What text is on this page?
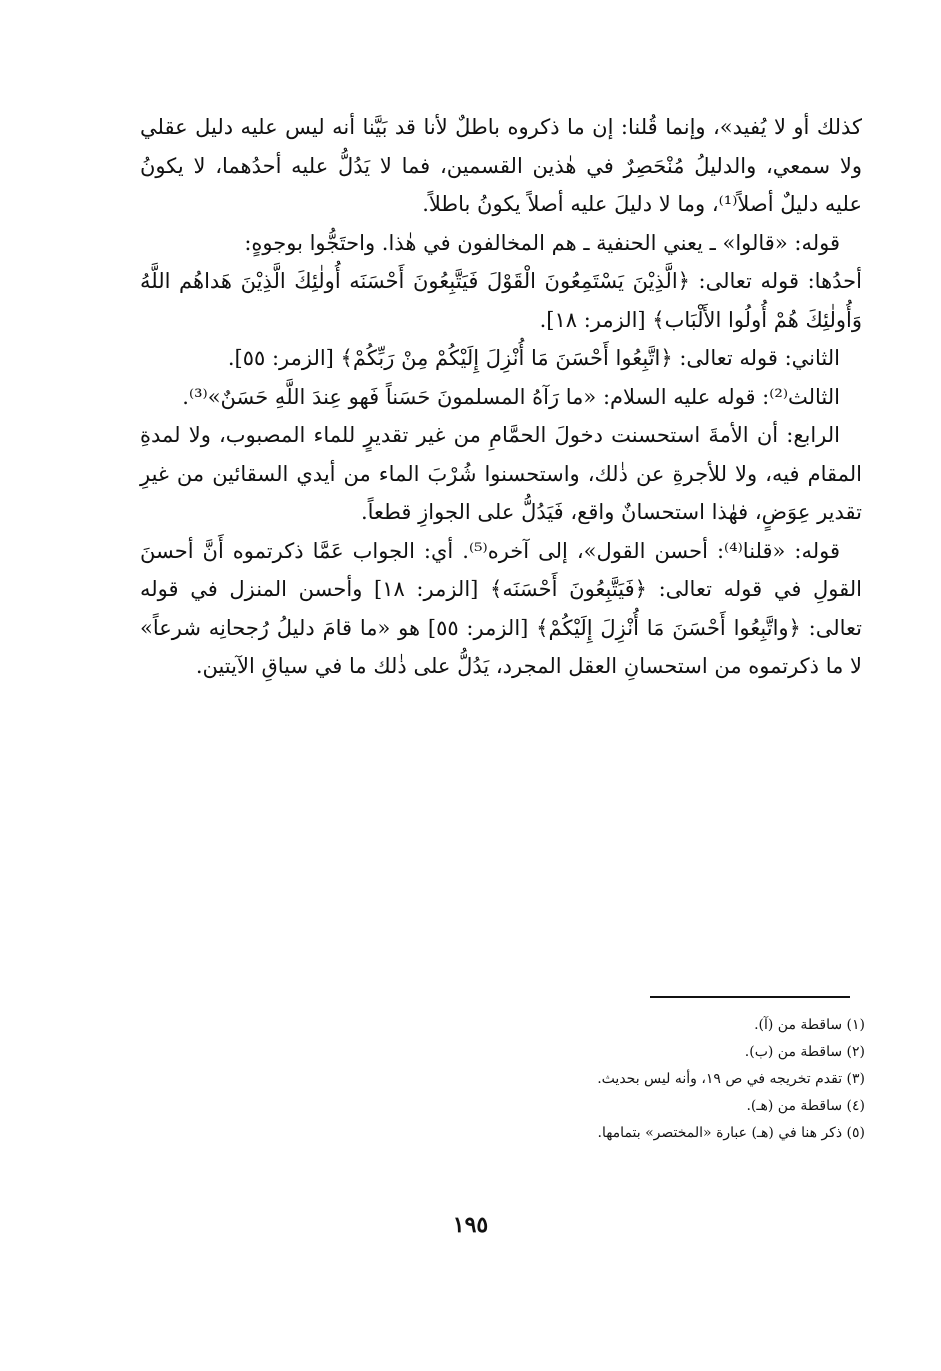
كذلك أو لا يُفيد»، وإنما قُلنا: إن ما ذكروه باطلٌ لأنا قد بَيَّنا أنه ليس عليه دليل عقلي ولا سمعي، والدليلُ مُنْحَصِرٌ في هٰذين القسمين، فما لا يَدُلُّ عليه أحدُهما، لا يكونُ عليه دليلٌ أصلاً⁽¹⁾، وما لا دليلَ عليه أصلاً يكونُ باطلاً.

قوله: «قالوا» ـ يعني الحنفية ـ هم المخالفون في هٰذا. واحتَجُّوا بوجوهٍ:

أحدُها: قوله تعالى: ﴿الَّذِيْنَ يَسْتَمِعُونَ الْقَوْلَ فَيَتَّبِعُونَ أَحْسَنَه أُولٰئِكَ الَّذِيْنَ هَداهُم اللَّهُ وَأُولٰئِكَ هُمْ أُولُوا الأَلْبَاب﴾ [الزمر: ١٨].

الثاني: قوله تعالى: ﴿اتَّبِعُوا أَحْسَنَ مَا أُنْزِلَ إِلَيْكُمْ مِنْ رَبِّكُمْ﴾ [الزمر: ٥٥].

الثالث⁽²⁾: قوله عليه السلام: «ما رَآهُ المسلمونَ حَسَناً فَهو عِندَ اللَّهِ حَسَنٌ»⁽³⁾.

الرابع: أن الأمةَ استحسنت دخولَ الحمَّامِ من غير تقديرٍ للماء المصبوب، ولا لمدةِ المقام فيه، ولا للأجرةِ عن ذٰلك، واستحسنوا شُرْبَ الماء من أيدي السقائين من غيرِ تقدير عِوَضٍ، فهٰذا استحسانٌ واقع، فَيَدُلُّ على الجوازِ قطعاً.

قوله: «قلنا⁽⁴⁾: أحسن القول»، إلى آخره⁽⁵⁾. أي: الجواب عَمَّا ذكرتموه أَنَّ أحسنَ القولِ في قوله تعالى: ﴿فَيَتَّبِعُونَ أَحْسَنَه﴾ [الزمر: ١٨] وأحسن المنزل في قوله تعالى: ﴿واتَّبِعُوا أَحْسَنَ مَا أُنْزِلَ إِلَيْكُمْ﴾ [الزمر: ٥٥] هو «ما قامَ دليلُ رُجحانِه شرعاً» لا ما ذكرتموه من استحسانِ العقل المجرد، يَدُلُّ على ذٰلك ما في سياقِ الآيتين.

(١) ساقطة من (آ).
(٢) ساقطة من (ب).
(٣) تقدم تخريجه في ص ١٩، وأنه ليس بحديث.
(٤) ساقطة من (هـ).
(٥) ذكر هنا في (هـ) عبارة «المختصر» بتمامها.
١٩٥
